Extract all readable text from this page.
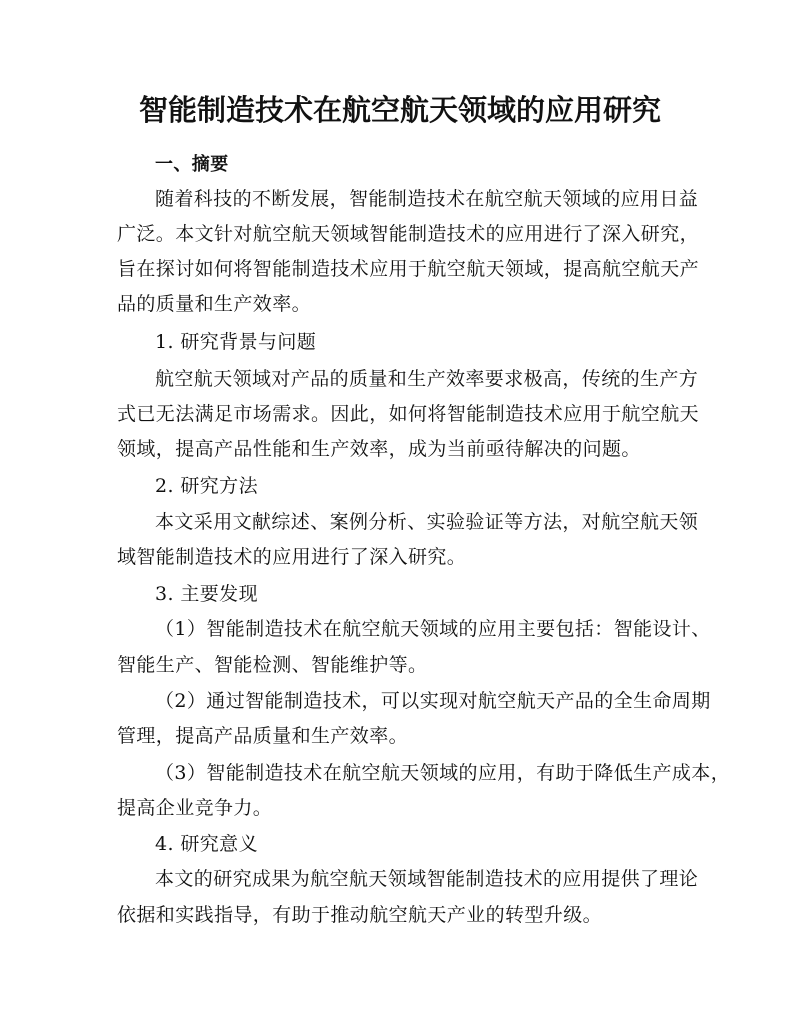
智能制造技术在航空航天领域的应用研究
一、摘要
随着科技的不断发展，智能制造技术在航空航天领域的应用日益
广泛。本文针对航空航天领域智能制造技术的应用进行了深入研究，
旨在探讨如何将智能制造技术应用于航空航天领域，提高航空航天产
品的质量和生产效率。
1. 研究背景与问题
航空航天领域对产品的质量和生产效率要求极高，传统的生产方
式已无法满足市场需求。因此，如何将智能制造技术应用于航空航天
领域，提高产品性能和生产效率，成为当前亟待解决的问题。
2. 研究方法
本文采用文献综述、案例分析、实验验证等方法，对航空航天领
域智能制造技术的应用进行了深入研究。
3. 主要发现
（1）智能制造技术在航空航天领域的应用主要包括：智能设计、
智能生产、智能检测、智能维护等。
（2）通过智能制造技术，可以实现对航空航天产品的全生命周期
管理，提高产品质量和生产效率。
（3）智能制造技术在航空航天领域的应用，有助于降低生产成本，
提高企业竞争力。
4. 研究意义
本文的研究成果为航空航天领域智能制造技术的应用提供了理论
依据和实践指导，有助于推动航空航天产业的转型升级。
